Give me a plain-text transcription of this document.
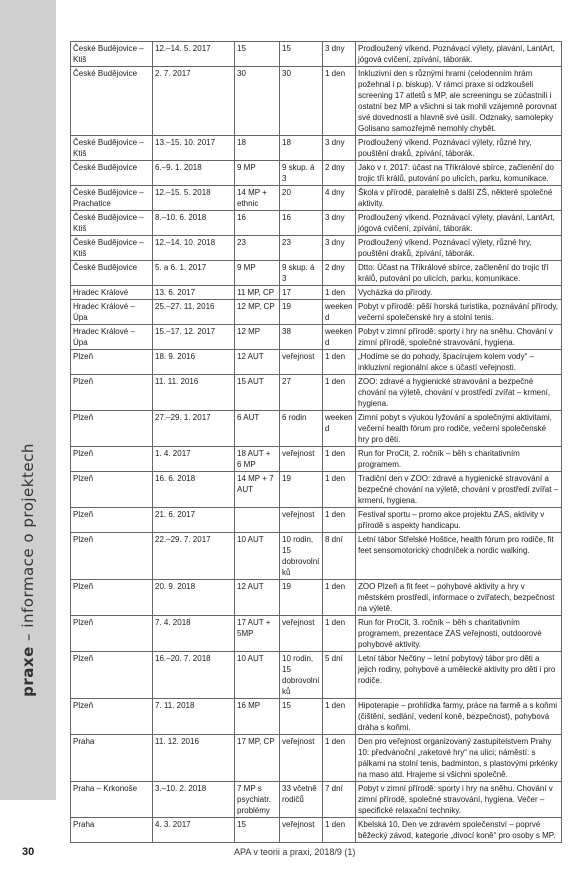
praxe – informace o projektech
České Budějovice – Ktiš	12.–14. 5. 2017	15	15	3 dny	Prodloužený víkend. Poznávací výlety, plavání, LantArt, jógová cvičení, zpívání, táborák.
České Budějovice	2. 7. 2017	30	30	1 den	Inkluzivní den s různými hrami (celodenním hrám požehnal i p. biskup). V rámci praxe si odzkoušeli screening 17 atletů s MP, ale screeningu se zúčastnili i ostatní bez MP a všichni si tak mohli vzájemně porovnat své dovednosti a hlavně své úsilí. Odznaky, samolepky Golisano samozřejmě nemohly chybět.
České Budějovice – Ktiš	13.–15. 10. 2017	18	18	3 dny	Prodloužený víkend. Poznávací výlety, různé hry, pouštění draků, zpívání, táborák.
České Budějovice	6.–9. 1. 2018	9 MP	9 skup. á 3	2 dny	Jako v r. 2017: účast na Tříkrálové sbírce, začlenění do trojic tří králů, putování po ulicích, parku, komunikace.
České Budějovice – Prachatice	12.–15. 5. 2018	14 MP + ethnic	20	4 dny	Škola v přírodě, paralelně s další ZŠ, některé společné aktivity.
České Budějovice – Ktiš	8.–10. 6. 2018	16	16	3 dny	Prodloužený víkend. Poznávací výlety, plavání, LantArt, jógová cvičení, zpívání, táborák.
České Budějovice – Ktiš	12.–14. 10. 2018	23	23	3 dny	Prodloužený víkend. Poznávací výlety, různé hry, pouštění draků, zpívání, táborák.
České Budějovice	5. a 6. 1. 2017	9 MP	9 skup. á 3	2 dny	Dtto: Účast na Tříkrálové sbírce, začlenění do trojic tří králů, putování po ulicích, parku, komunikace.
Hradec Králové	13. 6. 2017	11 MP, CP	17	1 den	Vycházka do přírody.
Hradec Králové – Úpa	25.–27. 11. 2016	12 MP, CP	19	weekend	Pobyt v přírodě: pěší horská turistika, poznávání přírody, večerní společenské hry a stolní tenis.
Hradec Králové – Úpa	15.–17. 12. 2017	12 MP	38	weekend	Pobyt v zimní přírodě: sporty i hry na sněhu. Chování v zimní přírodě, společné stravování, hygiena.
Plzeň	18. 9. 2016	12 AUT	veřejnost	1 den	„Hodíme se do pohody, špacírujem kolem vody“ – inkluzivní regionální akce s účastí veřejnosti.
Plzeň	11. 11. 2016	15 AUT	27	1 den	ZOO: zdravé a hygienické stravování a bezpečné chování na výletě, chování v prostředí zvířat – krmení, hygiena.
Plzeň	27.–29. 1. 2017	6 AUT	6 rodin	weekend	Zimní pobyt s výukou lyžování a společnými aktivitami, večerní health fórum pro rodiče, večerní společenské hry pro děti.
Plzeň	1. 4. 2017	18 AUT + 6 MP	veřejnost	1 den	Run for ProCit, 2. ročník – běh s charitativním programem.
Plzeň	16. 6. 2018	14 MP + 7 AUT	19	1 den	Tradiční den v ZOO: zdravé a hygienické stravování a bezpečné chování na výletě, chování v prostředí zvířat – krmení, hygiena.
Plzeň	21. 6. 2017		veřejnost	1 den	Festival sportu – promo akce projektu ZAS, aktivity v přírodě s aspekty handicapu.
Plzeň	22.–29. 7. 2017	10 AUT	10 rodin, 15 dobrovolníků	8 dní	Letní tábor Střelské Hoštice, health fórum pro rodiče, fit feet sensomotorický chodníček a nordic walking.
Plzeň	20. 9. 2018	12 AUT	19	1 den	ZOO Plzeň a fit feet – pohybové aktivity a hry v městském prostředí, informace o zvířatech, bezpečnost na výletě.
Plzeň	7. 4. 2018	17 AUT + 5MP	veřejnost	1 den	Run for ProCit, 3. ročník – běh s charitativním programem, prezentace ZAS veřejnosti, outdoorové pohybové aktivity.
Plzeň	16.–20. 7. 2018	10 AUT	10 rodin, 15 dobrovolníků	5 dní	Letní tábor Nečtiny – letní pobytový tábor pro děti a jejich rodiny, pohybové a umělecké aktivity pro děti i pro rodiče.
Plzeň	7. 11. 2018	16 MP	15	1 den	Hipoterapie – prohlídka farmy, práce na farmě a s koňmi (čištění, sedlání, vedení koně, bezpečnost), pohybová dráha s koňmi.
Praha	11. 12. 2016	17 MP, CP	veřejnost	1 den	Den pro veřejnost organizovaný zastupitelstvem Prahy 10: předvánoční „raketové hry“ na ulici; náměstí: s pálkami na stolní tenis, badminton, s plastovými prkénky na maso atd. Hrajeme si všichni společně.
Praha – Krkonoše	3.–10. 2. 2018	7 MP s psychiatr. problémy	33 včetně rodičů	7 dní	Pobyt v zimní přírodě: sporty i hry na sněhu. Chování v zimní přírodě, společné stravování, hygiena. Večer – specifické relaxační techniky.
Praha	4. 3. 2017	15	veřejnost	1 den	Kbelská 10, Den ve zdravém společenství – poprvé běžecký závod, kategorie „divocí koně“ pro osoby s MP.
30	APA v teorii a praxi, 2018/9 (1)
